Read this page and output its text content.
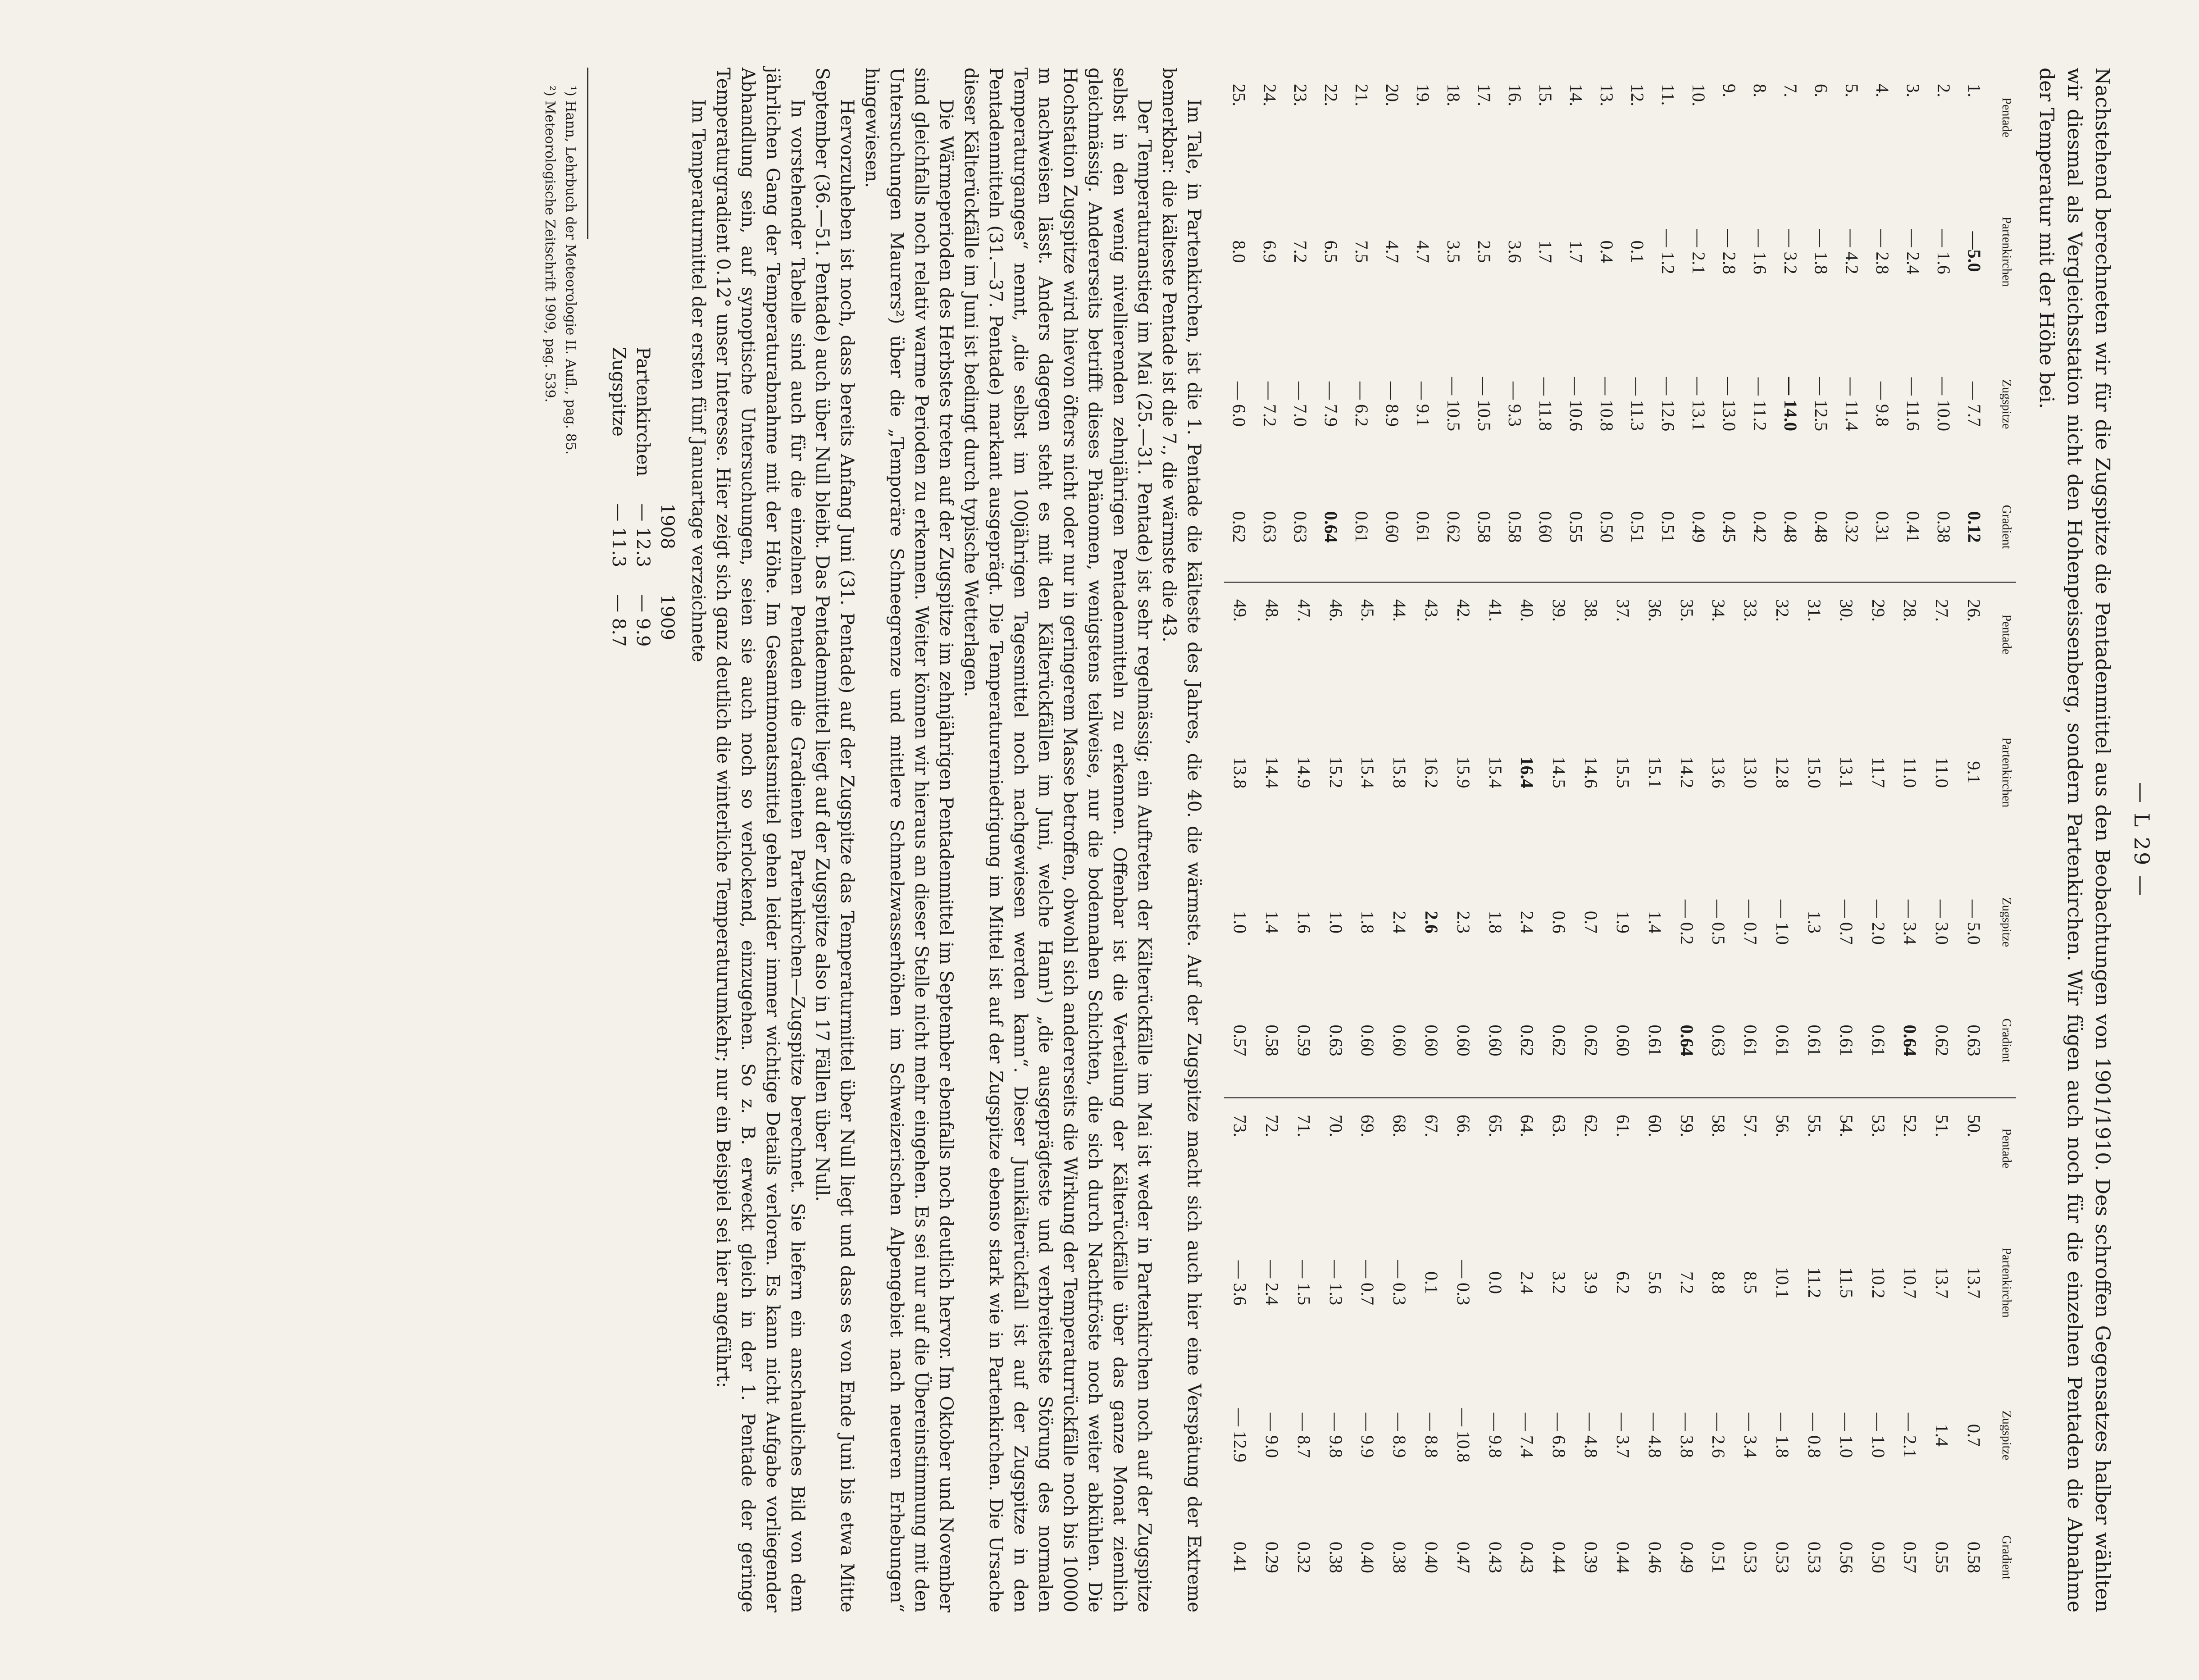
— L 29 —

Nachstehend berechneten wir für die Zugspitze die Pentadenmittel aus den Beobachtungen von 1901/1910. Des schroffen Gegensatzes halber wählten wir diesmal als Vergleichsstation nicht den Hohenpeissenberg, sondern Partenkirchen. Wir fügen auch noch für die einzelnen Pentaden die Abnahme der Temperatur mit der Höhe bei.

Pentade	Partenkirchen	Zugspitze	Gradient
1.	—5.0	— 7.7	0.12
2.	— 1.6	— 10.0	0.38
3.	— 2.4	— 11.6	0.41
4.	— 2.8	— 9.8	0.31
5.	— 4.2	— 11.4	0.32
6.	— 1.8	— 12.5	0.48
7.	— 3.2	— 14.0	0.48
8.	— 1.6	— 11.2	0.42
9.	— 2.8	— 13.0	0.45
10.	— 2.1	— 13.1	0.49
11.	— 1.2	— 12.6	0.51
12.	0.1	— 11.3	0.51
13.	0.4	— 10.8	0.50
14.	1.7	— 10.6	0.55
15.	1.7	— 11.8	0.60
16.	3.6	— 9.3	0.58
17.	2.5	— 10.5	0.58
18.	3.5	— 10.5	0.62
19.	4.7	— 9.1	0.61
20.	4.7	— 8.9	0.60
21.	7.5	— 6.2	0.61
22.	6.5	— 7.9	0.64
23.	7.2	— 7.0	0.63
24.	6.9	— 7.2	0.63
25.	8.0	— 6.0	0.62
Pentade	Partenkirchen	Zugspitze	Gradient
26.	9.1	— 5.0	0.63
27.	11.0	— 3.0	0.62
28.	11.0	— 3.4	0.64
29.	11.7	— 2.0	0.61
30.	13.1	— 0.7	0.61
31.	15.0	1.3	0.61
32.	12.8	— 1.0	0.61
33.	13.0	— 0.7	0.61
34.	13.6	— 0.5	0.63
35.	14.2	— 0.2	0.64
36.	15.1	1.4	0.61
37.	15.5	1.9	0.60
38.	14.6	0.7	0.62
39.	14.5	0.6	0.62
40.	16.4	2.4	0.62
41.	15.4	1.8	0.60
42.	15.9	2.3	0.60
43.	16.2	2.6	0.60
44.	15.8	2.4	0.60
45.	15.4	1.8	0.60
46.	15.2	1.0	0.63
47.	14.9	1.6	0.59
48.	14.4	1.4	0.58
49.	13.8	1.0	0.57
Pentade	Partenkirchen	Zugspitze	Gradient
50.	13.7	0.7	0.58
51.	13.7	1.4	0.55
52.	10.7	— 2.1	0.57
53.	10.2	— 1.0	0.50
54.	11.5	— 1.0	0.56
55.	11.2	— 0.8	0.53
56.	10.1	— 1.8	0.53
57.	8.5	— 3.4	0.53
58.	8.8	— 2.6	0.51
59.	7.2	— 3.8	0.49
60.	5.6	— 4.8	0.46
61.	6.2	— 3.7	0.44
62.	3.9	— 4.8	0.39
63.	3.2	— 6.8	0.44
64.	2.4	— 7.4	0.43
65.	0.0	— 9.8	0.43
66.	— 0.3	— 10.8	0.47
67.	0.1	— 8.8	0.40
68.	— 0.3	— 8.9	0.38
69.	— 0.7	— 9.9	0.40
70.	— 1.3	— 9.8	0.38
71.	— 1.5	— 8.7	0.32
72.	— 2.4	— 9.0	0.29
73.	— 3.6	— 12.9	0.41

Im Tale, in Partenkirchen, ist die 1. Pentade die kälteste des Jahres, die 40. die wärmste. Auf der Zugspitze macht sich auch hier eine Verspätung der Extreme bemerkbar: die kälteste Pentade ist die 7., die wärmste die 43.

Der Temperaturanstieg im Mai (25.—31. Pentade) ist sehr regelmässig; ein Auftreten der Kälterückfälle im Mai ist weder in Partenkirchen noch auf der Zugspitze selbst in den wenig nivellierenden zehnjährigen Pentadenmitteln zu erkennen. Offenbar ist die Verteilung der Kälterückfälle über das ganze Monat ziemlich gleichmässig. Andererseits betrifft dieses Phänomen, wenigstens teilweise, nur die bodennahen Schichten, die sich durch Nachtfröste noch weiter abkühlen. Die Hochstation Zugspitze wird hievon öfters nicht oder nur in geringerem Masse betroffen, obwohl sich andererseits die Wirkung der Temperaturrückfälle noch bis 10000 m nachweisen lässt. Anders dagegen steht es mit den Kälterückfällen im Juni, welche Hann¹) „die ausgeprägteste und verbreitetste Störung des normalen Temperaturganges“ nennt, „die selbst im 100jährigen Tagesmittel noch nachgewiesen werden kann“. Dieser Junikälterückfall ist auf der Zugspitze in den Pentadenmitteln (31.—37. Pentade) markant ausgeprägt. Die Temperaturerniedrigung im Mittel ist auf der Zugspitze ebenso stark wie in Partenkirchen. Die Ursache dieser Kälterückfälle im Juni ist bedingt durch typische Wetterlagen.

Die Wärmeperioden des Herbstes treten auf der Zugspitze im zehnjährigen Pentadenmittel im September ebenfalls noch deutlich hervor. Im Oktober und November sind gleichfalls noch relativ warme Perioden zu erkennen. Weiter können wir hieraus an dieser Stelle nicht mehr eingehen. Es sei nur auf die Übereinstimmung mit den Untersuchungen Maurers²) über die „Temporäre Schneegrenze und mittlere Schmelzwasserhöhen im Schweizerischen Alpengebiet nach neueren Erhebungen“ hingewiesen.

Hervorzuheben ist noch, dass bereits Anfang Juni (31. Pentade) auf der Zugspitze das Temperaturmittel über Null liegt und dass es von Ende Juni bis etwa Mitte September (36.—51. Pentade) auch über Null bleibt. Das Pentadenmittel liegt auf der Zugspitze also in 17 Fällen über Null.

In vorstehender Tabelle sind auch für die einzelnen Pentaden die Gradienten Partenkirchen—Zugspitze berechnet. Sie liefern ein anschauliches Bild von dem jährlichen Gang der Temperaturabnahme mit der Höhe. Im Gesamtmonatsmittel gehen leider immer wichtige Details verloren. Es kann nicht Aufgabe vorliegender Abhandlung sein, auf synoptische Untersuchungen, seien sie auch noch so verlockend, einzugehen. So z. B. erweckt gleich in der 1. Pentade der geringe Temperaturgradient 0.12° unser Interesse. Hier zeigt sich ganz deutlich die winterliche Temperaturumkehr; nur ein Beispiel sei hier angeführt:

Im Temperaturmittel der ersten fünf Januartage verzeichnete

	1908	1909
Partenkirchen	— 12.3	— 9.9
Zugspitze	— 11.3	— 8.7

¹) Hann, Lehrbuch der Meteorologie II. Aufl., pag. 85.

²) Meteorologische Zeitschrift 1909, pag. 539.
